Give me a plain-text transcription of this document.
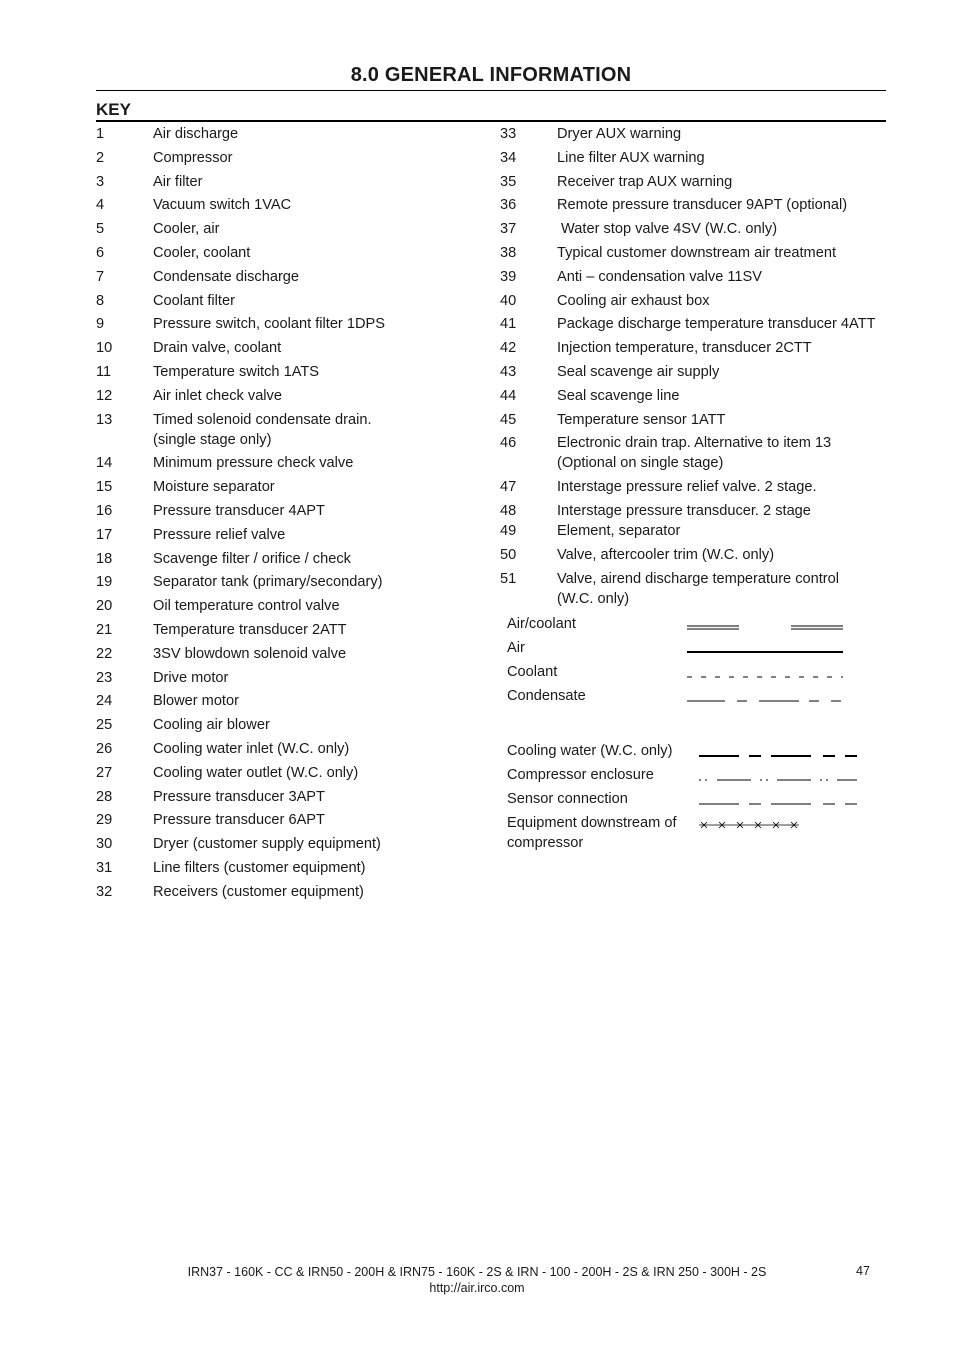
8.0 GENERAL INFORMATION
KEY
1	Air discharge
2	Compressor
3	Air filter
4	Vacuum switch 1VAC
5	Cooler, air
6	Cooler, coolant
7	Condensate discharge
8	Coolant filter
9	Pressure switch, coolant filter 1DPS
10	Drain valve, coolant
11	Temperature switch 1ATS
12	Air inlet check valve
13	Timed solenoid condensate drain.
(single stage only)
14	Minimum pressure check valve
15	Moisture separator
16	Pressure transducer 4APT
17	Pressure relief valve
18	Scavenge filter / orifice / check
19	Separator tank (primary/secondary)
20	Oil temperature control valve
21	Temperature transducer 2ATT
22	3SV blowdown solenoid valve
23	Drive motor
24	Blower motor
25	Cooling air blower
26	Cooling water inlet (W.C. only)
27	Cooling water outlet (W.C. only)
28	Pressure transducer 3APT
29	Pressure transducer 6APT
30	Dryer (customer supply equipment)
31	Line filters (customer equipment)
32	Receivers (customer equipment)
33	Dryer AUX warning
34	Line filter AUX warning
35	Receiver trap AUX warning
36	Remote pressure transducer 9APT (optional)
37	Water stop valve 4SV (W.C. only)
38	Typical customer downstream air treatment
39	Anti – condensation valve 11SV
40	Cooling air exhaust box
41	Package discharge temperature transducer 4ATT
42	Injection temperature, transducer 2CTT
43	Seal scavenge air supply
44	Seal scavenge line
45	Temperature sensor 1ATT
46	Electronic drain trap. Alternative to item 13
(Optional on single stage)
47	Interstage pressure relief valve. 2 stage.
48	Interstage pressure transducer. 2 stage
49	Element, separator
50	Valve, aftercooler trim (W.C. only)
51	Valve, airend discharge temperature control
(W.C. only)
Air/coolant
Air
Coolant
Condensate
Cooling water (W.C. only)
Compressor enclosure
Sensor connection
Equipment downstream of
compressor
IRN37 - 160K - CC & IRN50 - 200H & IRN75 - 160K - 2S & IRN - 100 - 200H - 2S & IRN 250 - 300H - 2S
http://air.irco.com
47
